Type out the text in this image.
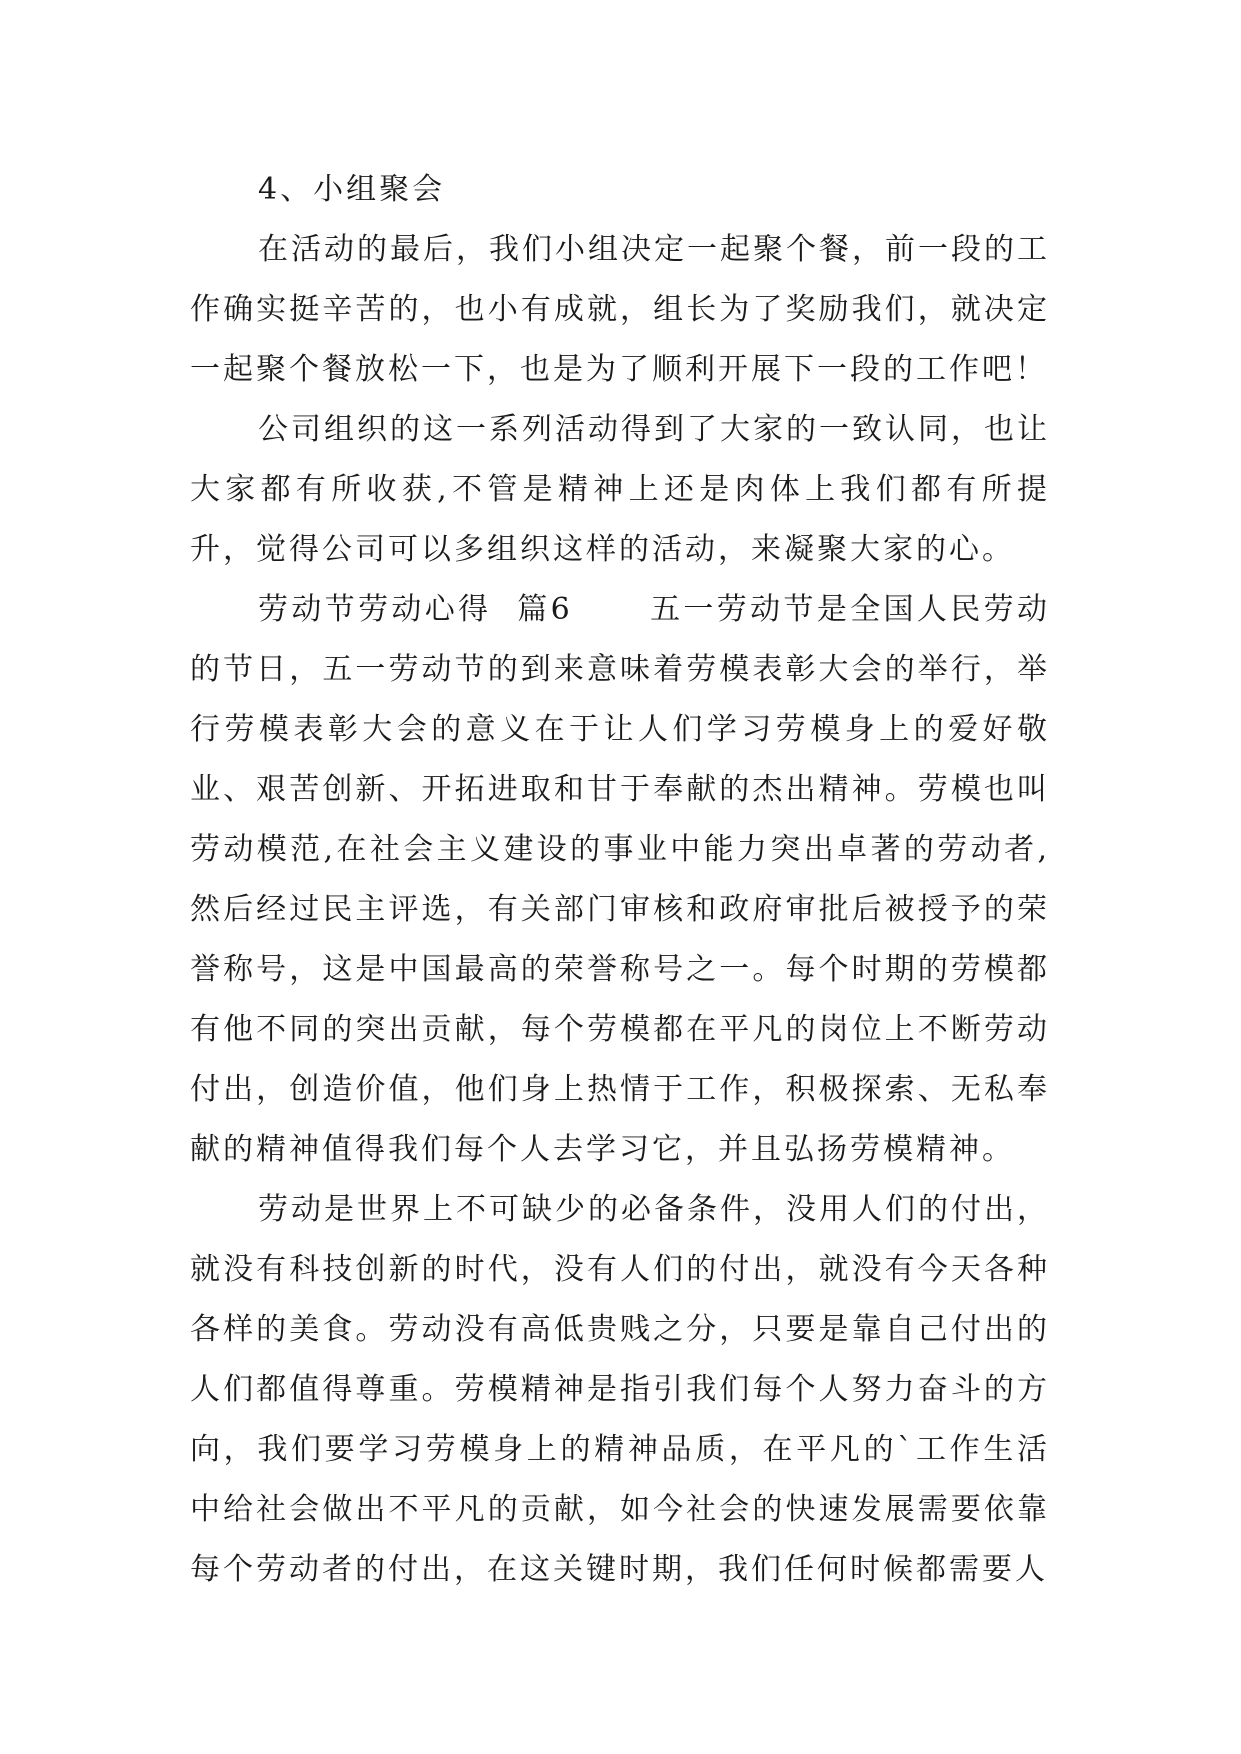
4、小组聚会

在活动的最后，我们小组决定一起聚个餐，前一段的工作确实挺辛苦的，也小有成就，组长为了奖励我们，就决定一起聚个餐放松一下，也是为了顺利开展下一段的工作吧！

公司组织的这一系列活动得到了大家的一致认同，也让大家都有所收获,不管是精神上还是肉体上我们都有所提升，觉得公司可以多组织这样的活动，来凝聚大家的心。

劳动节劳动心得  篇6      五一劳动节是全国人民劳动的节日，五一劳动节的到来意味着劳模表彰大会的举行，举行劳模表彰大会的意义在于让人们学习劳模身上的爱好敬业、艰苦创新、开拓进取和甘于奉献的杰出精神。劳模也叫劳动模范,在社会主义建设的事业中能力突出卓著的劳动者,然后经过民主评选，有关部门审核和政府审批后被授予的荣誉称号，这是中国最高的荣誉称号之一。每个时期的劳模都有他不同的突出贡献，每个劳模都在平凡的岗位上不断劳动付出，创造价值，他们身上热情于工作，积极探索、无私奉献的精神值得我们每个人去学习它，并且弘扬劳模精神。

劳动是世界上不可缺少的必备条件，没用人们的付出，就没有科技创新的时代，没有人们的付出，就没有今天各种各样的美食。劳动没有高低贵贱之分，只要是靠自己付出的人们都值得尊重。劳模精神是指引我们每个人努力奋斗的方向，我们要学习劳模身上的精神品质，在平凡的`工作生活中给社会做出不平凡的贡献，如今社会的快速发展需要依靠每个劳动者的付出，在这关键时期，我们任何时候都需要人
